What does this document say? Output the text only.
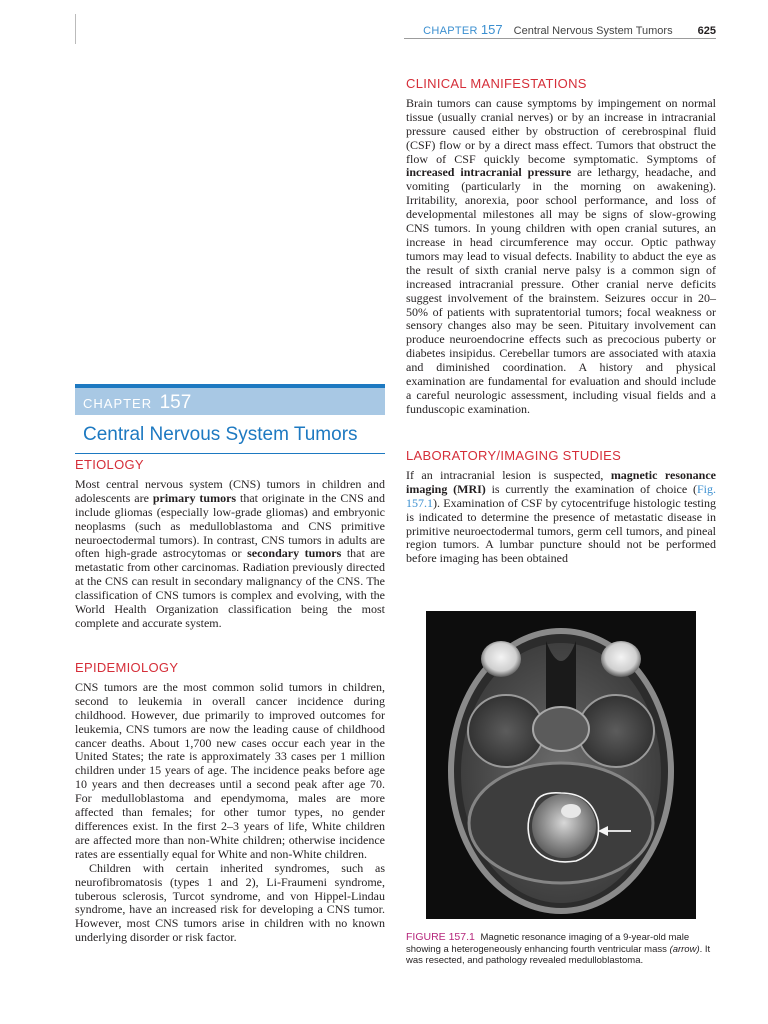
CHAPTER 157 Central Nervous System Tumors 625
CHAPTER 157
Central Nervous System Tumors
ETIOLOGY

Most central nervous system (CNS) tumors in children and adolescents are primary tumors that originate in the CNS and include gliomas (especially low-grade gliomas) and embryonic neoplasms (such as medulloblastoma and CNS primitive neuroectodermal tumors). In contrast, CNS tumors in adults are often high-grade astrocytomas or secondary tumors that are metastatic from other carcinomas. Radiation previously directed at the CNS can result in secondary malignancy of the CNS. The classification of CNS tumors is complex and evolving, with the World Health Organization classification being the most complete and accurate system.

EPIDEMIOLOGY

CNS tumors are the most common solid tumors in children, second to leukemia in overall cancer incidence during childhood. However, due primarily to improved outcomes for leukemia, CNS tumors are now the leading cause of childhood cancer deaths. About 1,700 new cases occur each year in the United States; the rate is approximately 33 cases per 1 million children under 15 years of age. The incidence peaks before age 10 years and then decreases until a second peak after age 70. For medulloblastoma and ependymoma, males are more affected than females; for other tumor types, no gender differences exist. In the first 2–3 years of life, White children are affected more than non-White children; otherwise incidence rates are essentially equal for White and non-White children.

Children with certain inherited syndromes, such as neurofibromatosis (types 1 and 2), Li-Fraumeni syndrome, tuberous sclerosis, Turcot syndrome, and von Hippel-Lindau syndrome, have an increased risk for developing a CNS tumor. However, most CNS tumors arise in children with no known underlying disorder or risk factor.

CLINICAL MANIFESTATIONS

Brain tumors can cause symptoms by impingement on normal tissue (usually cranial nerves) or by an increase in intracranial pressure caused either by obstruction of cerebrospinal fluid (CSF) flow or by a direct mass effect. Tumors that obstruct the flow of CSF quickly become symptomatic. Symptoms of increased intracranial pressure are lethargy, headache, and vomiting (particularly in the morning on awakening). Irritability, anorexia, poor school performance, and loss of developmental milestones all may be signs of slow-growing CNS tumors. In young children with open cranial sutures, an increase in head circumference may occur. Optic pathway tumors may lead to visual defects. Inability to abduct the eye as the result of sixth cranial nerve palsy is a common sign of increased intracranial pressure. Other cranial nerve deficits suggest involvement of the brainstem. Seizures occur in 20–50% of patients with supratentorial tumors; focal weakness or sensory changes also may be seen. Pituitary involvement can produce neuroendocrine effects such as precocious puberty or diabetes insipidus. Cerebellar tumors are associated with ataxia and diminished coordination. A history and physical examination are fundamental for evaluation and should include a careful neurologic assessment, including visual fields and a funduscopic examination.

LABORATORY/IMAGING STUDIES

If an intracranial lesion is suspected, magnetic resonance imaging (MRI) is currently the examination of choice (Fig. 157.1). Examination of CSF by cytocentrifuge histologic testing is indicated to determine the presence of metastatic disease in primitive neuroectodermal tumors, germ cell tumors, and pineal region tumors. A lumbar puncture should not be performed before imaging has been obtained

FIGURE 157.1 Magnetic resonance imaging of a 9-year-old male showing a heterogeneously enhancing fourth ventricular mass (arrow). It was resected, and pathology revealed medulloblastoma.
